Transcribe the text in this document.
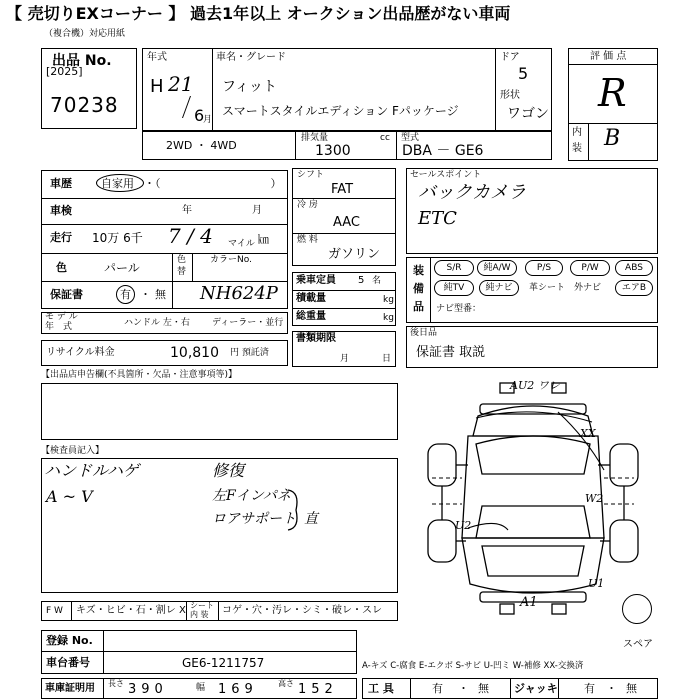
【 売切りEXコーナー 】 過去1年以上 オークション出品歴がない車両
（複合機）対応用紙
出品 No.
[2025]
70238
年式
H 21
6
月
車名・グレード
フィット
スマートスタイルエディション Fパッケージ
ドア
5
形状
ワゴン
2WD ・ 4WD
排気量	cc
1300
型式
DBA － GE6
評 価 点
R
内
装 B
車歴	自家用 ・（　　　　　　　　　　）
車検	年	月
走行 10万 6千 7 / 4 マイル ㎞
色	パール
色
替
カラーNo.
保証書	有 ・ 無 NH624P
モ デ ル
年　式	ハンドル 左・右 ディーラー・並行
リサイクル料金	10,810 円 預託済
シフト
FAT
冷 房
AAC
燃 料
ガソリン
乗車定員 5 名
積載量	kg
総重量	kg
書類期限
月	日
セールスポイント
バックカメラ
ETC
装
備
品
S/R	純A/W	P/S	P/W	ABS
純TV	純ナビ	革シート 外ナビ	エアB
ナビ型番：
後日品
保証書 取説
【出品店申告欄(不具箇所・欠品・注意事項等)】
【検査員記入】
ハンドルハゲ
A ~ V
修復
左Fインパネ
ロアサポート 直
AU2 ワレ
XX
W2
U2
U1
A1
スペア
F W キズ・ヒビ・石・割レ X シート
内 装 コゲ・穴・汚レ・シミ・破レ・スレ
登録 No.
車台番号	GE6-1211757	A-キズ C-腐食 E-エクボ S-サビ U-凹ミ W-補修 XX-交換済
車庫証明用 長さ 390	幅 169	高さ 152	工 具	有 ・ 無 ジャッキ 有 ・ 無
